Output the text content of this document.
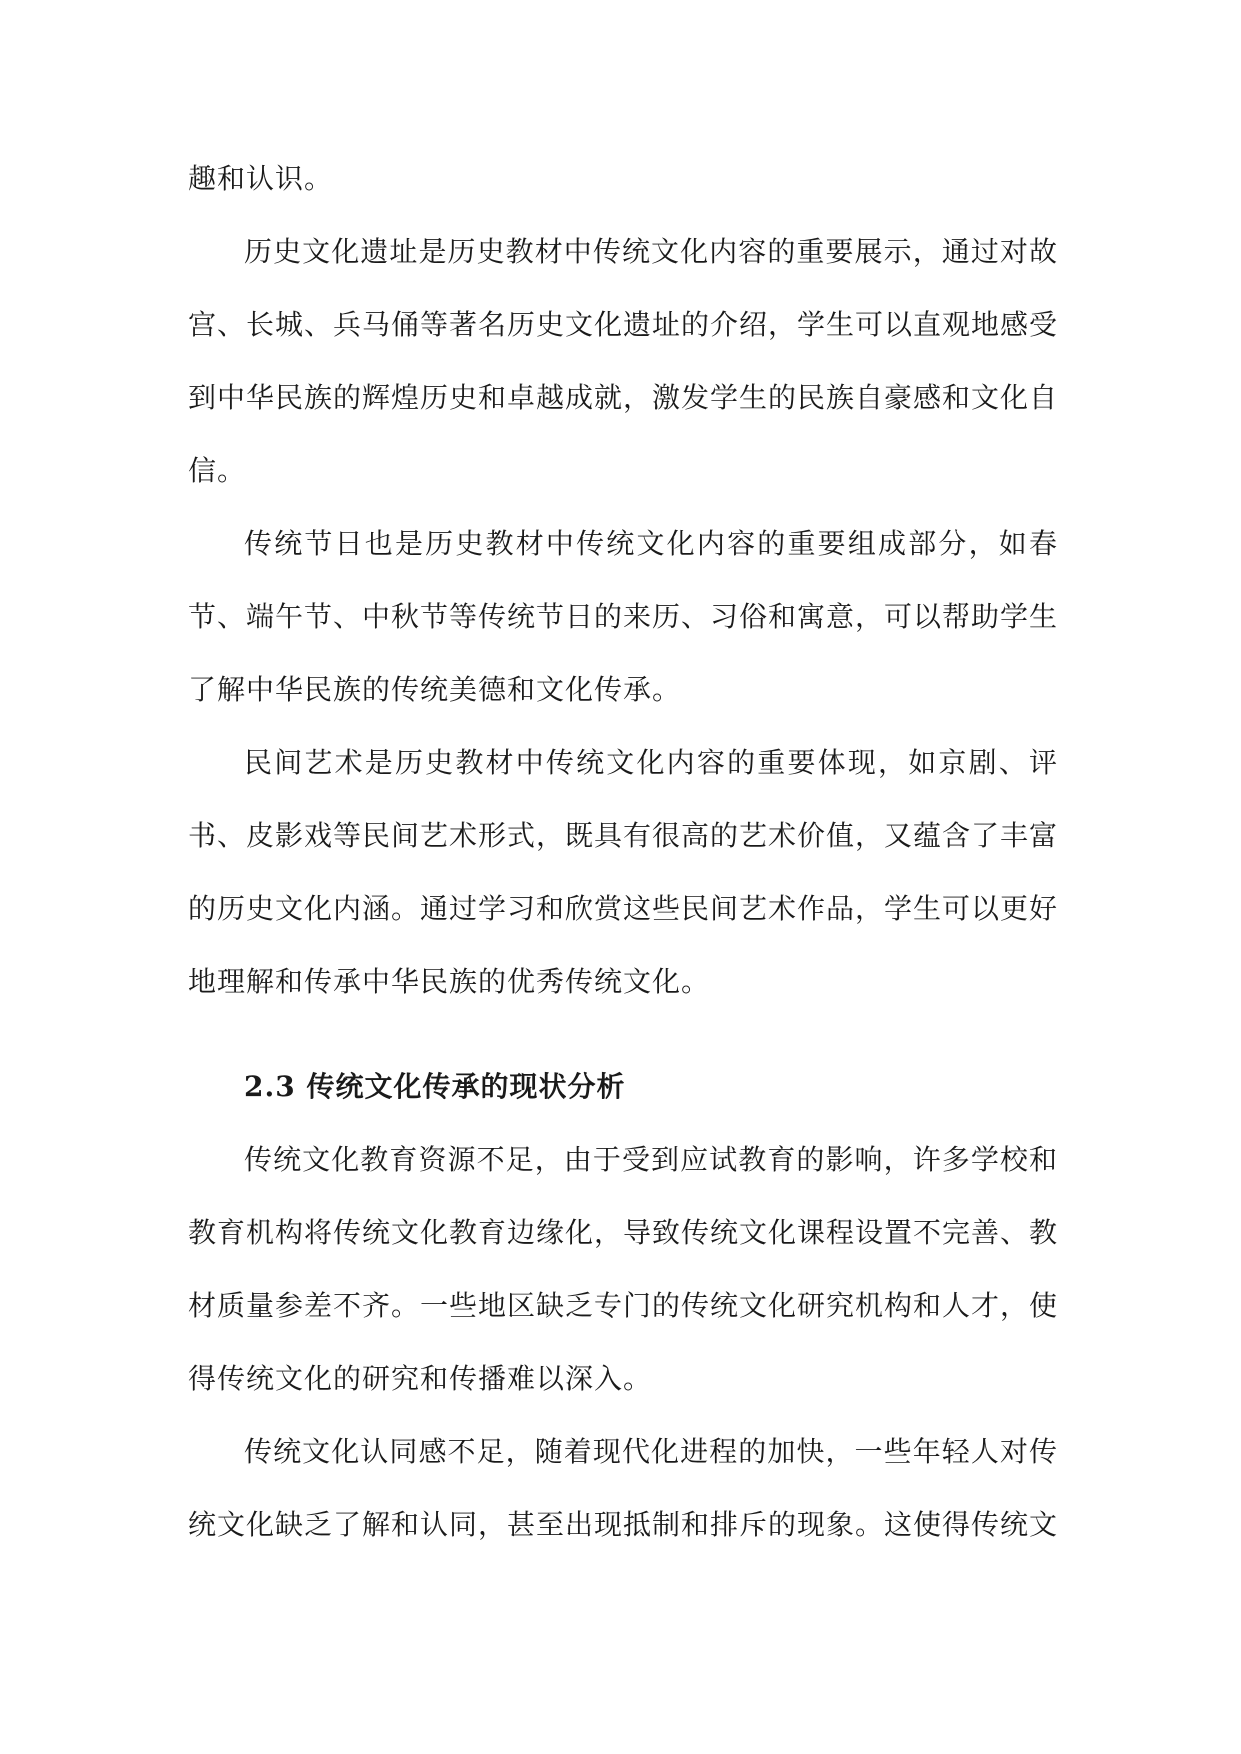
趣和认识。

历史文化遗址是历史教材中传统文化内容的重要展示，通过对故宫、长城、兵马俑等著名历史文化遗址的介绍，学生可以直观地感受到中华民族的辉煌历史和卓越成就，激发学生的民族自豪感和文化自信。

传统节日也是历史教材中传统文化内容的重要组成部分，如春节、端午节、中秋节等传统节日的来历、习俗和寓意，可以帮助学生了解中华民族的传统美德和文化传承。

民间艺术是历史教材中传统文化内容的重要体现，如京剧、评书、皮影戏等民间艺术形式，既具有很高的艺术价值，又蕴含了丰富的历史文化内涵。通过学习和欣赏这些民间艺术作品，学生可以更好地理解和传承中华民族的优秀传统文化。

2.3 传统文化传承的现状分析

传统文化教育资源不足，由于受到应试教育的影响，许多学校和教育机构将传统文化教育边缘化，导致传统文化课程设置不完善、教材质量参差不齐。一些地区缺乏专门的传统文化研究机构和人才，使得传统文化的研究和传播难以深入。

传统文化认同感不足，随着现代化进程的加快，一些年轻人对传统文化缺乏了解和认同，甚至出现抵制和排斥的现象。这使得传统文
